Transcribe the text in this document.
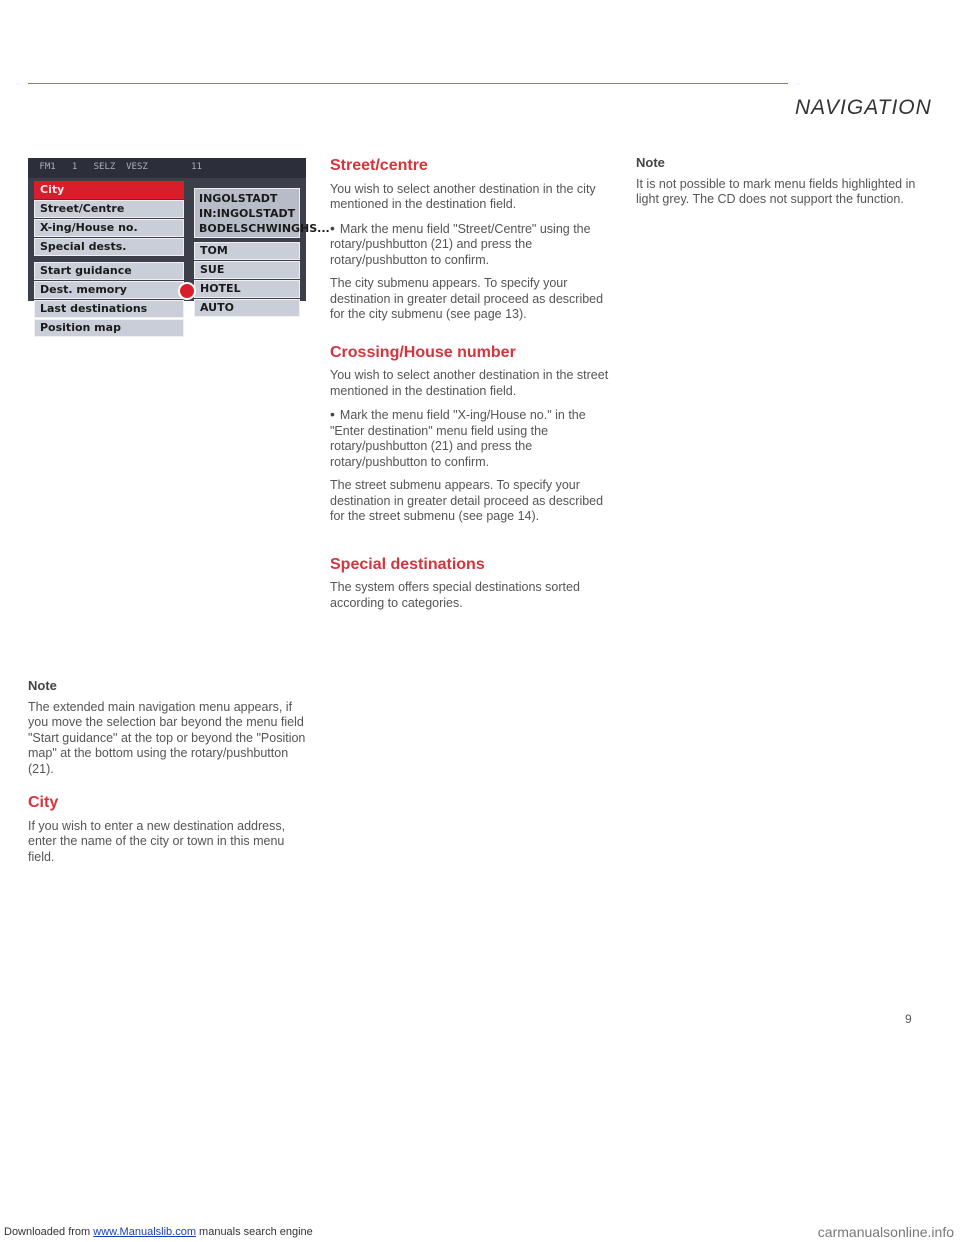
NAVIGATION
FM1   1   SELZ  VESZ        11
City
Street/Centre
X-ing/House no.
Special dests.
Start guidance
Dest. memory
Last destinations
Position map
INGOLSTADT
IN:INGOLSTADT
BODELSCHWINGHS...
TOM
SUE
HOTEL
AUTO
Note

The extended main navigation menu appears, if you move the selection bar beyond the menu field "Start guidance" at the top or beyond the "Position map" at the bottom using the rotary/pushbutton (21).

City

If you wish to enter a new destination address, enter the name of the city or town in this menu field.

Street/centre

You wish to select another destination in the city mentioned in the destination field.

• Mark the menu field "Street/Centre" using the rotary/pushbutton (21) and press the rotary/pushbutton to confirm.

The city submenu appears. To specify your destination in greater detail proceed as described for the city submenu (see page 13).

Crossing/House number

You wish to select another destination in the street mentioned in the destination field.

• Mark the menu field "X-ing/House no." in the "Enter destination" menu field using the rotary/pushbutton (21) and press the rotary/pushbutton to confirm.

The street submenu appears. To specify your destination in greater detail proceed as described for the street submenu (see page 14).

Special destinations

The system offers special destinations sorted according to categories.

Note

It is not possible to mark menu fields highlighted in light grey. The CD does not support the function.

9
Downloaded from www.Manualslib.com manuals search engine	carmanualsonline.info
